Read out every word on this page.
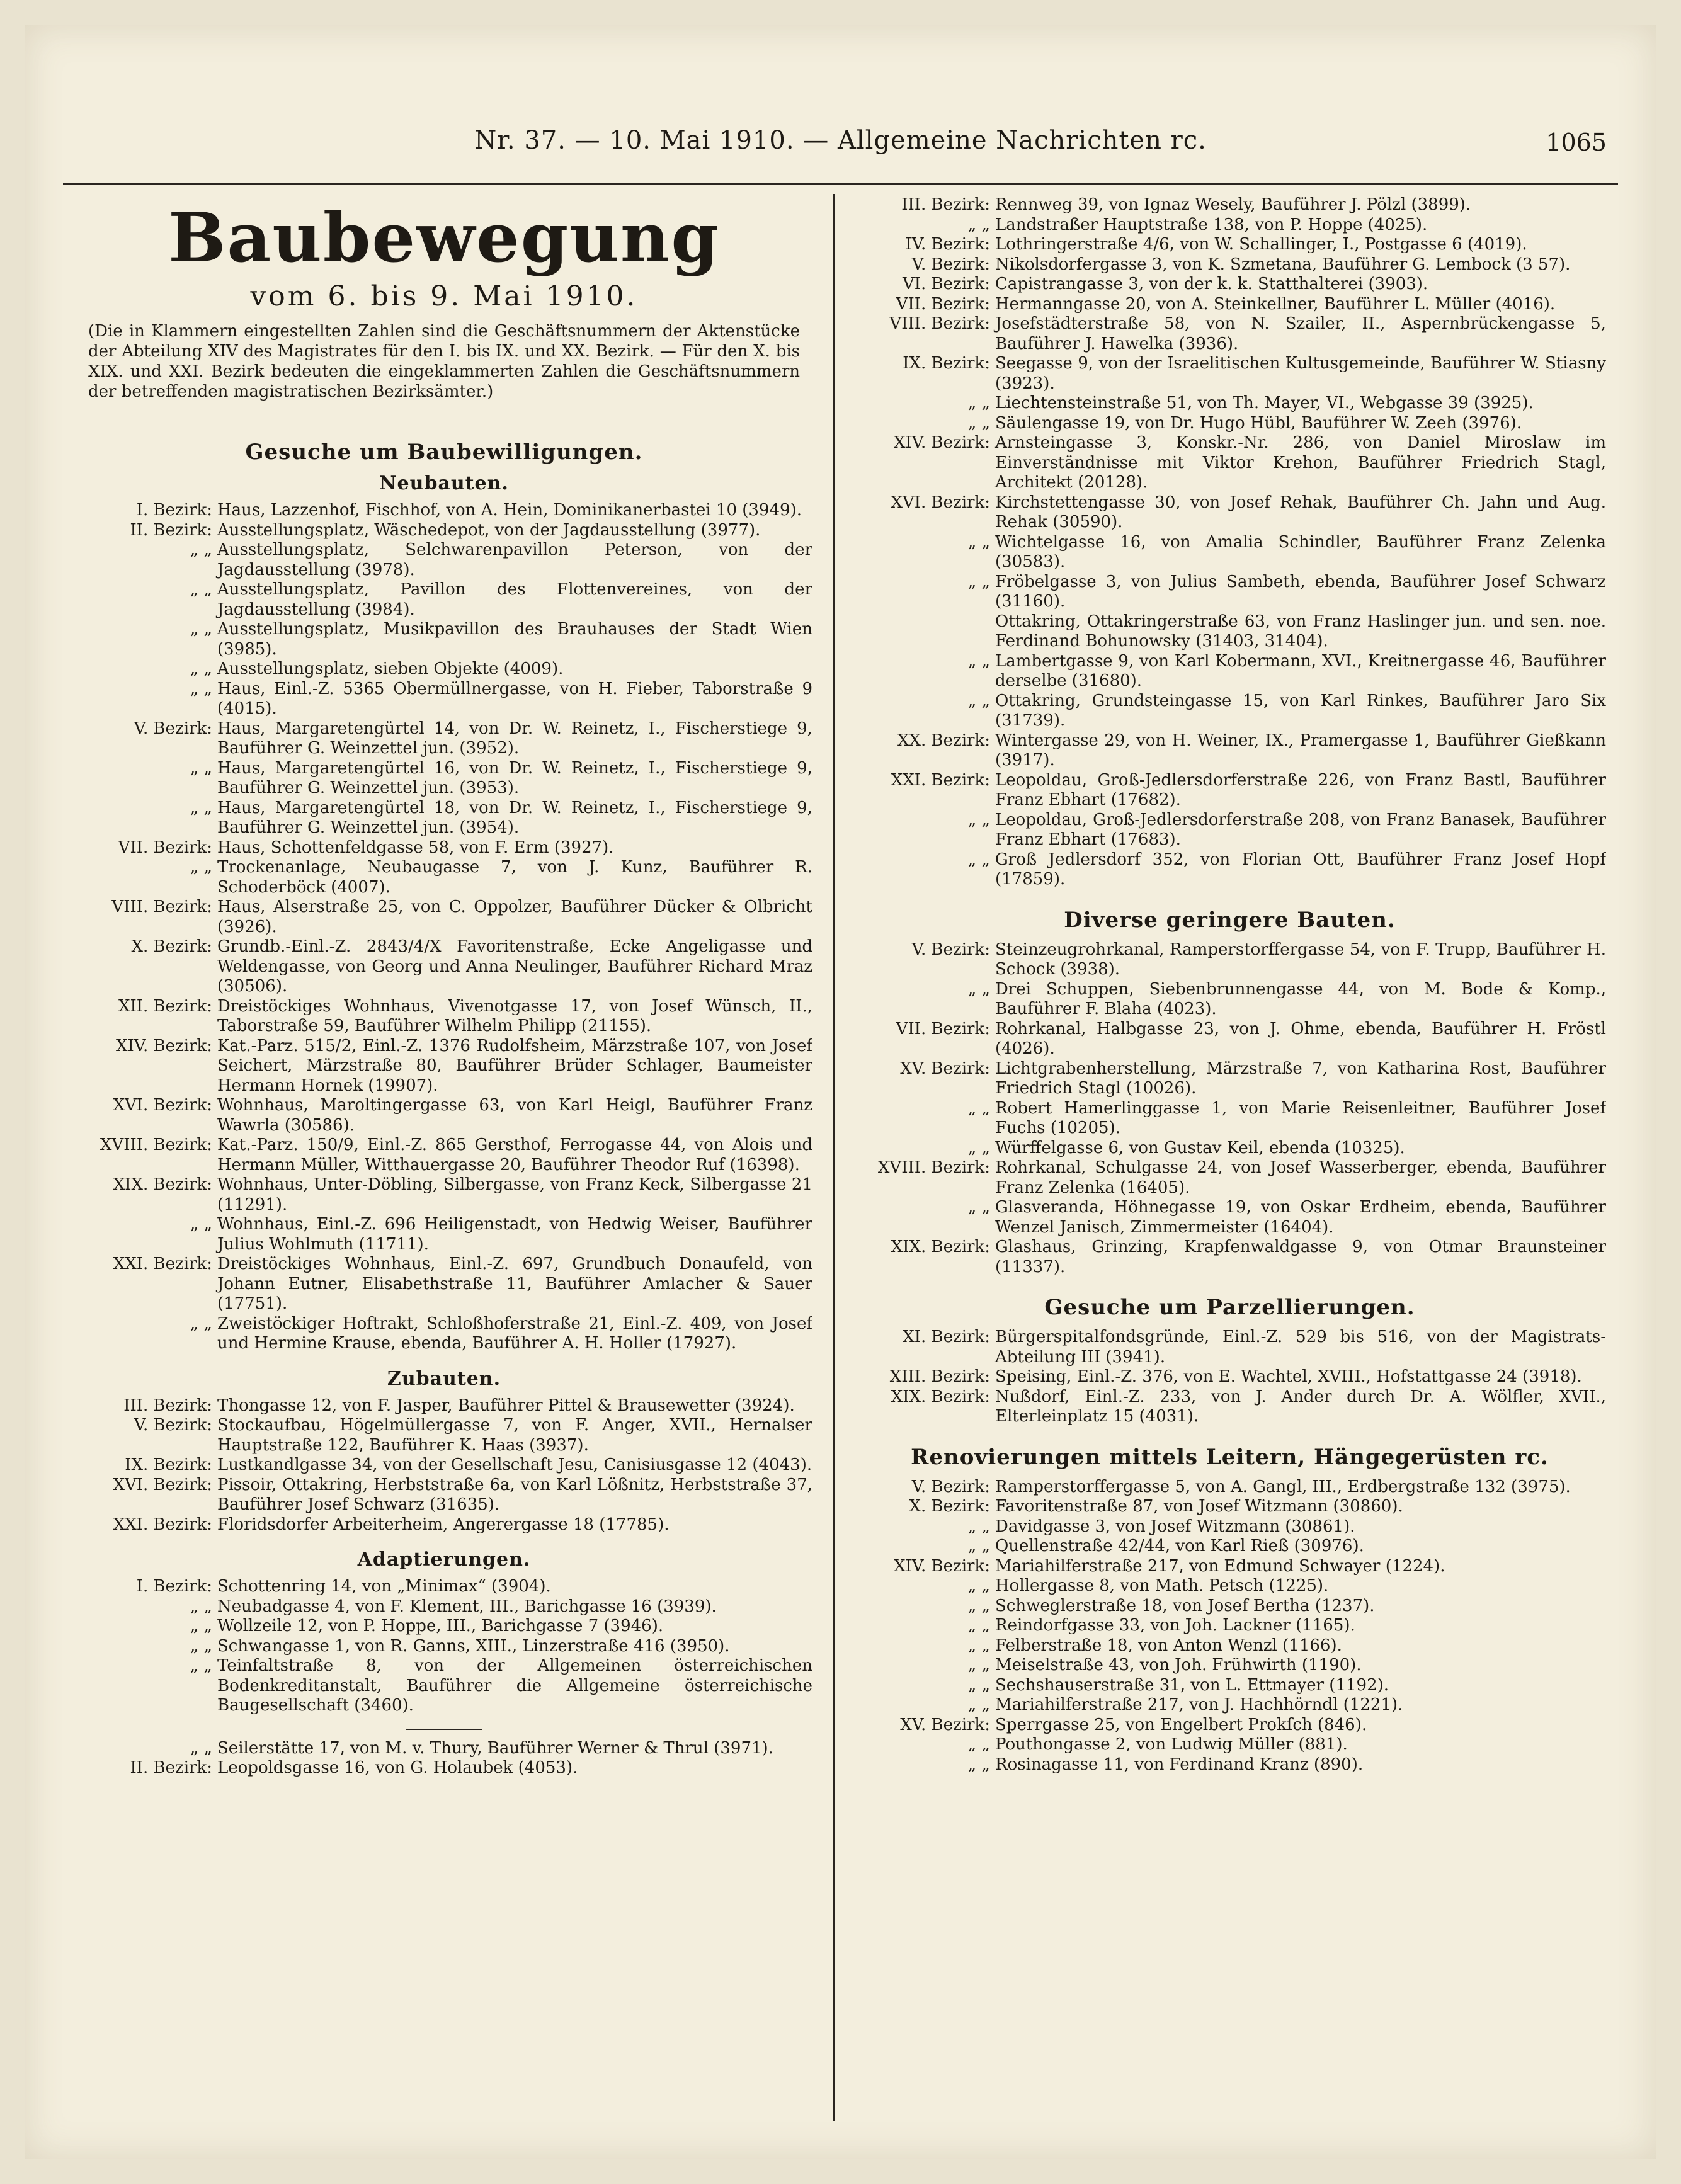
Nr. 37. — 10. Mai 1910. — Allgemeine Nachrichten rc.	1065
Baubewegung
vom 6. bis 9. Mai 1910.
(Die in Klammern eingestellten Zahlen sind die Geschäftsnummern der Aktenstücke der Abteilung XIV des Magistrates für den I. bis IX. und XX. Bezirk. — Für den X. bis XIX. und XXI. Bezirk bedeuten die eingeklammerten Zahlen die Geschäftsnummern der betreffenden magistratischen Bezirksämter.)
Gesuche um Baubewilligungen.
Neubauten.
I. Bezirk: Haus, Lazzenhof, Fischhof, von A. Hein, Dominikanerbastei 10 (3949).
II. Bezirk: Ausstellungsplatz, Wäschedepot, von der Jagdausstellung (3977).
„ „ Ausstellungsplatz, Selchwarenpavillon Peterson, von der Jagdausstellung (3978).
„ „ Ausstellungsplatz, Pavillon des Flottenvereines, von der Jagdausstellung (3984).
„ „ Ausstellungsplatz, Musikpavillon des Brauhauses der Stadt Wien (3985).
„ „ Ausstellungsplatz, sieben Objekte (4009).
„ „ Haus, Einl.-Z. 5365 Obermüllnergasse, von H. Fieber, Taborstraße 9 (4015).
V. Bezirk: Haus, Margaretengürtel 14, von Dr. W. Reinetz, I., Fischerstiege 9, Bauführer G. Weinzettel jun. (3952).
„ „ Haus, Margaretengürtel 16, von Dr. W. Reinetz, I., Fischerstiege 9, Bauführer G. Weinzettel jun. (3953).
„ „ Haus, Margaretengürtel 18, von Dr. W. Reinetz, I., Fischerstiege 9, Bauführer G. Weinzettel jun. (3954).
VII. Bezirk: Haus, Schottenfeldgasse 58, von F. Erm (3927).
„ „ Trockenanlage, Neubaugasse 7, von J. Kunz, Bauführer R. Schoderböck (4007).
VIII. Bezirk: Haus, Alserstraße 25, von C. Oppolzer, Bauführer Dücker & Olbricht (3926).
X. Bezirk: Grundb.-Einl.-Z. 2843/4/X Favoritenstraße, Ecke Angeligasse und Weldengasse, von Georg und Anna Neulinger, Bauführer Richard Mraz (30506).
XII. Bezirk: Dreistöckiges Wohnhaus, Vivenotgasse 17, von Josef Wünsch, II., Taborstraße 59, Bauführer Wilhelm Philipp (21155).
XIV. Bezirk: Kat.-Parz. 515/2, Einl.-Z. 1376 Rudolfsheim, Märzstraße 107, von Josef Seichert, Märzstraße 80, Bauführer Brüder Schlager, Baumeister Hermann Hornek (19907).
XVI. Bezirk: Wohnhaus, Maroltingergasse 63, von Karl Heigl, Bauführer Franz Wawrla (30586).
XVIII. Bezirk: Kat.-Parz. 150/9, Einl.-Z. 865 Gersthof, Ferrogasse 44, von Alois und Hermann Müller, Witthauergasse 20, Bauführer Theodor Ruf (16398).
XIX. Bezirk: Wohnhaus, Unter-Döbling, Silbergasse, von Franz Keck, Silbergasse 21 (11291).
„ „ Wohnhaus, Einl.-Z. 696 Heiligenstadt, von Hedwig Weiser, Bauführer Julius Wohlmuth (11711).
XXI. Bezirk: Dreistöckiges Wohnhaus, Einl.-Z. 697, Grundbuch Donaufeld, von Johann Eutner, Elisabethstraße 11, Bauführer Amlacher & Sauer (17751).
„ „ Zweistöckiger Hoftrakt, Schloßhoferstraße 21, Einl.-Z. 409, von Josef und Hermine Krause, ebenda, Bauführer A. H. Holler (17927).
Zubauten.
III. Bezirk: Thongasse 12, von F. Jasper, Bauführer Pittel & Brausewetter (3924).
V. Bezirk: Stockaufbau, Högelmüllergasse 7, von F. Anger, XVII., Hernalser Hauptstraße 122, Bauführer K. Haas (3937).
IX. Bezirk: Lustkandlgasse 34, von der Gesellschaft Jesu, Canisiusgasse 12 (4043).
XVI. Bezirk: Pissoir, Ottakring, Herbststraße 6a, von Karl Lößnitz, Herbststraße 37, Bauführer Josef Schwarz (31635).
XXI. Bezirk: Floridsdorfer Arbeiterheim, Angerergasse 18 (17785).
Adaptierungen.
I. Bezirk: Schottenring 14, von „Minimax“ (3904).
„ „ Neubadgasse 4, von F. Klement, III., Barichgasse 16 (3939).
„ „ Wollzeile 12, von P. Hoppe, III., Barichgasse 7 (3946).
„ „ Schwangasse 1, von R. Ganns, XIII., Linzerstraße 416 (3950).
„ „ Teinfaltstraße 8, von der Allgemeinen österreichischen Bodenkreditanstalt, Bauführer die Allgemeine österreichische Baugesellschaft (3460).
„ „ Seilerstätte 17, von M. v. Thury, Bauführer Werner & Thrul (3971).
II. Bezirk: Leopoldsgasse 16, von G. Holaubek (4053).
III. Bezirk: Rennweg 39, von Ignaz Wesely, Bauführer J. Pölzl (3899).
„ „ Landstraßer Hauptstraße 138, von P. Hoppe (4025).
IV. Bezirk: Lothringerstraße 4/6, von W. Schallinger, I., Postgasse 6 (4019).
V. Bezirk: Nikolsdorfergasse 3, von K. Szmetana, Bauführer G. Lembock (3 57).
VI. Bezirk: Capistrangasse 3, von der k. k. Statthalterei (3903).
VII. Bezirk: Hermanngasse 20, von A. Steinkellner, Bauführer L. Müller (4016).
VIII. Bezirk: Josefstädterstraße 58, von N. Szailer, II., Aspernbrückengasse 5, Bauführer J. Hawelka (3936).
IX. Bezirk: Seegasse 9, von der Israelitischen Kultusgemeinde, Bauführer W. Stiasny (3923).
„ „ Liechtensteinstraße 51, von Th. Mayer, VI., Webgasse 39 (3925).
„ „ Säulengasse 19, von Dr. Hugo Hübl, Bauführer W. Zeeh (3976).
XIV. Bezirk: Arnsteingasse 3, Konskr.-Nr. 286, von Daniel Miroslaw im Einverständnisse mit Viktor Krehon, Bauführer Friedrich Stagl, Architekt (20128).
XVI. Bezirk: Kirchstettengasse 30, von Josef Rehak, Bauführer Ch. Jahn und Aug. Rehak (30590).
„ „ Wichtelgasse 16, von Amalia Schindler, Bauführer Franz Zelenka (30583).
„ „ Fröbelgasse 3, von Julius Sambeth, ebenda, Bauführer Josef Schwarz (31160).
Ottakring, Ottakringerstraße 63, von Franz Haslinger jun. und sen. noe. Ferdinand Bohunowsky (31403, 31404).
„ „ Lambertgasse 9, von Karl Kobermann, XVI., Kreitnergasse 46, Bauführer derselbe (31680).
„ „ Ottakring, Grundsteingasse 15, von Karl Rinkes, Bauführer Jaro Six (31739).
XX. Bezirk: Wintergasse 29, von H. Weiner, IX., Pramergasse 1, Bauführer Gießkann (3917).
XXI. Bezirk: Leopoldau, Groß-Jedlersdorferstraße 226, von Franz Bastl, Bauführer Franz Ebhart (17682).
„ „ Leopoldau, Groß-Jedlersdorferstraße 208, von Franz Banasek, Bauführer Franz Ebhart (17683).
„ „ Groß Jedlersdorf 352, von Florian Ott, Bauführer Franz Josef Hopf (17859).
Diverse geringere Bauten.
V. Bezirk: Steinzeugrohrkanal, Ramperstorffergasse 54, von F. Trupp, Bauführer H. Schock (3938).
„ „ Drei Schuppen, Siebenbrunnengasse 44, von M. Bode & Komp., Bauführer F. Blaha (4023).
VII. Bezirk: Rohrkanal, Halbgasse 23, von J. Ohme, ebenda, Bauführer H. Fröstl (4026).
XV. Bezirk: Lichtgrabenherstellung, Märzstraße 7, von Katharina Rost, Bauführer Friedrich Stagl (10026).
„ „ Robert Hamerlinggasse 1, von Marie Reisenleitner, Bauführer Josef Fuchs (10205).
„ „ Würffelgasse 6, von Gustav Keil, ebenda (10325).
XVIII. Bezirk: Rohrkanal, Schulgasse 24, von Josef Wasserberger, ebenda, Bauführer Franz Zelenka (16405).
„ „ Glasveranda, Höhnegasse 19, von Oskar Erdheim, ebenda, Bauführer Wenzel Janisch, Zimmermeister (16404).
XIX. Bezirk: Glashaus, Grinzing, Krapfenwaldgasse 9, von Otmar Braunsteiner (11337).
Gesuche um Parzellierungen.
XI. Bezirk: Bürgerspitalfondsgründe, Einl.-Z. 529 bis 516, von der Magistrats-Abteilung III (3941).
XIII. Bezirk: Speising, Einl.-Z. 376, von E. Wachtel, XVIII., Hofstattgasse 24 (3918).
XIX. Bezirk: Nußdorf, Einl.-Z. 233, von J. Ander durch Dr. A. Wölfler, XVII., Elterleinplatz 15 (4031).
Renovierungen mittels Leitern, Hängegerüsten rc.
V. Bezirk: Ramperstorffergasse 5, von A. Gangl, III., Erdbergstraße 132 (3975).
X. Bezirk: Favoritenstraße 87, von Josef Witzmann (30860).
„ „ Davidgasse 3, von Josef Witzmann (30861).
„ „ Quellenstraße 42/44, von Karl Rieß (30976).
XIV. Bezirk: Mariahilferstraße 217, von Edmund Schwayer (1224).
„ „ Hollergasse 8, von Math. Petsch (1225).
„ „ Schweglerstraße 18, von Josef Bertha (1237).
„ „ Reindorfgasse 33, von Joh. Lackner (1165).
„ „ Felberstraße 18, von Anton Wenzl (1166).
„ „ Meiselstraße 43, von Joh. Frühwirth (1190).
„ „ Sechshauserstraße 31, von L. Ettmayer (1192).
„ „ Mariahilferstraße 217, von J. Hachhörndl (1221).
XV. Bezirk: Sperrgasse 25, von Engelbert Prokſch (846).
„ „ Pouthongasse 2, von Ludwig Müller (881).
„ „ Rosinagasse 11, von Ferdinand Kranz (890).
